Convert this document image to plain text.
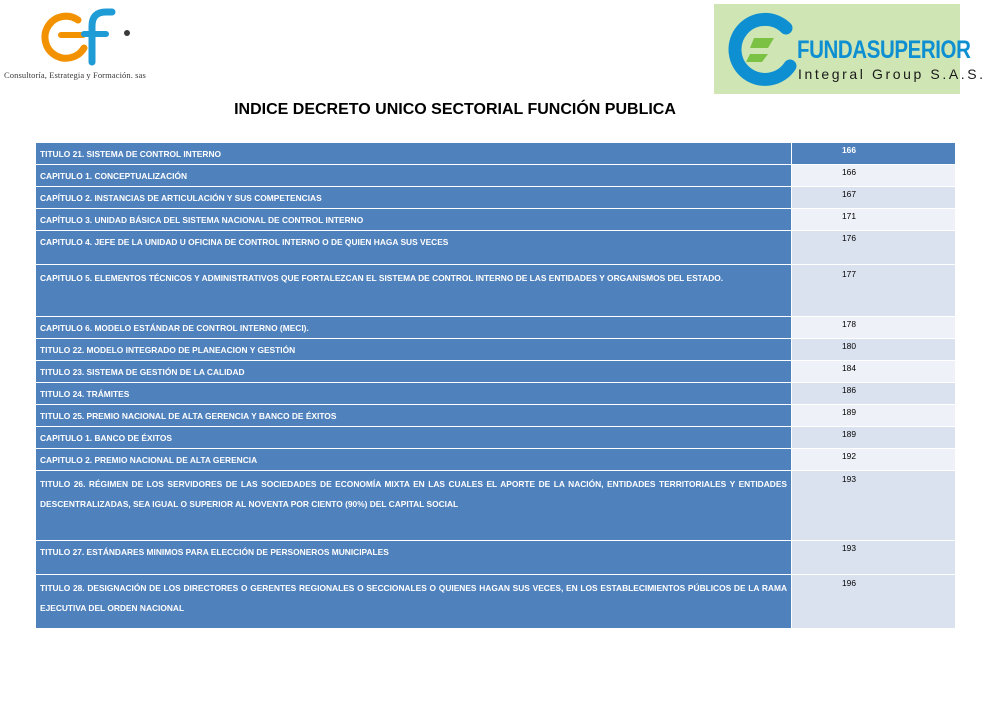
Consultoría, Estrategia y Formación. sas
FUNDASUPERIOR
Integral Group S.A.S.
INDICE DECRETO UNICO SECTORIAL FUNCIÓN PUBLICA
TITULO 21. SISTEMA DE CONTROL INTERNO	166
CAPITULO 1. CONCEPTUALIZACIÓN	166
CAPÍTULO 2. INSTANCIAS DE ARTICULACIÓN Y SUS COMPETENCIAS	167
CAPÍTULO 3. UNIDAD BÁSICA DEL SISTEMA NACIONAL DE CONTROL INTERNO	171
CAPITULO 4. JEFE DE LA UNIDAD U OFICINA DE CONTROL INTERNO O DE QUIEN HAGA SUS VECES	176
CAPITULO 5. ELEMENTOS TÉCNICOS Y ADMINISTRATIVOS QUE FORTALEZCAN EL SISTEMA DE CONTROL INTERNO DE LAS ENTIDADES Y ORGANISMOS DEL ESTADO.	177
CAPITULO 6. MODELO ESTÁNDAR DE CONTROL INTERNO (MECI).	178
TITULO 22. MODELO INTEGRADO DE PLANEACION Y GESTIÓN	180
TITULO 23. SISTEMA DE GESTIÓN DE LA CALIDAD	184
TITULO 24. TRÁMITES	186
TITULO 25. PREMIO NACIONAL DE ALTA GERENCIA Y BANCO DE ÉXITOS	189
CAPITULO 1. BANCO DE ÉXITOS	189
CAPITULO 2. PREMIO NACIONAL DE ALTA GERENCIA	192
TITULO 26. RÉGIMEN DE LOS SERVIDORES DE LAS SOCIEDADES DE ECONOMÍA MIXTA EN LAS CUALES EL APORTE DE LA NACIÓN, ENTIDADES TERRITORIALES Y ENTIDADES DESCENTRALIZADAS, SEA IGUAL O SUPERIOR AL NOVENTA POR CIENTO (90%) DEL CAPITAL SOCIAL	193
TITULO 27. ESTÁNDARES MINIMOS PARA ELECCIÓN DE PERSONEROS MUNICIPALES	193
TITULO 28. DESIGNACIÓN DE LOS DIRECTORES O GERENTES REGIONALES O SECCIONALES O QUIENES HAGAN SUS VECES, EN LOS ESTABLECIMIENTOS PÚBLICOS DE LA RAMA EJECUTIVA DEL ORDEN NACIONAL	196
